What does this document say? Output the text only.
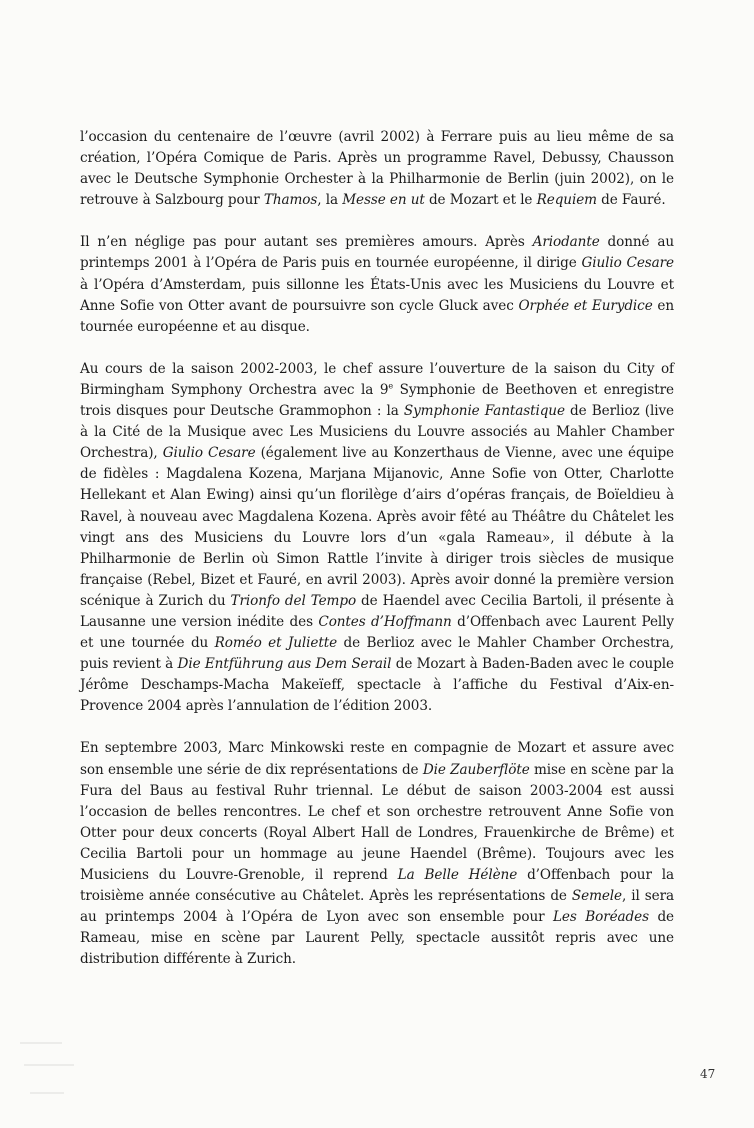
l’occasion du centenaire de l’œuvre (avril 2002) à Ferrare puis au lieu même de sa création, l’Opéra Comique de Paris. Après un programme Ravel, Debussy, Chausson avec le Deutsche Symphonie Orchester à la Philharmonie de Berlin (juin 2002), on le retrouve à Salzbourg pour Thamos, la Messe en ut de Mozart et le Requiem de Fauré.

Il n’en néglige pas pour autant ses premières amours. Après Ariodante donné au printemps 2001 à l’Opéra de Paris puis en tournée européenne, il dirige Giulio Cesare à l’Opéra d’Amsterdam, puis sillonne les États-Unis avec les Musiciens du Louvre et Anne Sofie von Otter avant de poursuivre son cycle Gluck avec Orphée et Eurydice en tournée européenne et au disque.

Au cours de la saison 2002-2003, le chef assure l’ouverture de la saison du City of Birmingham Symphony Orchestra avec la 9e Symphonie de Beethoven et enregistre trois disques pour Deutsche Grammophon : la Symphonie Fantastique de Berlioz (live à la Cité de la Musique avec Les Musiciens du Louvre associés au Mahler Chamber Orchestra), Giulio Cesare (également live au Konzerthaus de Vienne, avec une équipe de fidèles : Magdalena Kozena, Marjana Mijanovic, Anne Sofie von Otter, Charlotte Hellekant et Alan Ewing) ainsi qu’un florilège d’airs d’opéras français, de Boïeldieu à Ravel, à nouveau avec Magdalena Kozena. Après avoir fêté au Théâtre du Châtelet les vingt ans des Musiciens du Louvre lors d’un «gala Rameau», il débute à la Philharmonie de Berlin où Simon Rattle l’invite à diriger trois siècles de musique française (Rebel, Bizet et Fauré, en avril 2003). Après avoir donné la première version scénique à Zurich du Trionfo del Tempo de Haendel avec Cecilia Bartoli, il présente à Lausanne une version inédite des Contes d’Hoffmann d’Offenbach avec Laurent Pelly et une tournée du Roméo et Juliette de Berlioz avec le Mahler Chamber Orchestra, puis revient à Die Entführung aus Dem Serail de Mozart à Baden-Baden avec le couple Jérôme Deschamps-Macha Makeïeff, spectacle à l’affiche du Festival d’Aix-en-Provence 2004 après l’annulation de l’édition 2003.

En septembre 2003, Marc Minkowski reste en compagnie de Mozart et assure avec son ensemble une série de dix représentations de Die Zauberflöte mise en scène par la Fura del Baus au festival Ruhr triennal. Le début de saison 2003-2004 est aussi l’occasion de belles rencontres. Le chef et son orchestre retrouvent Anne Sofie von Otter pour deux concerts (Royal Albert Hall de Londres, Frauenkirche de Brême) et Cecilia Bartoli pour un hommage au jeune Haendel (Brême). Toujours avec les Musiciens du Louvre-Grenoble, il reprend La Belle Hélène d’Offenbach pour la troisième année consécutive au Châtelet. Après les représentations de Semele, il sera au printemps 2004 à l’Opéra de Lyon avec son ensemble pour Les Boréades de Rameau, mise en scène par Laurent Pelly, spectacle aussitôt repris avec une distribution différente à Zurich.

47
